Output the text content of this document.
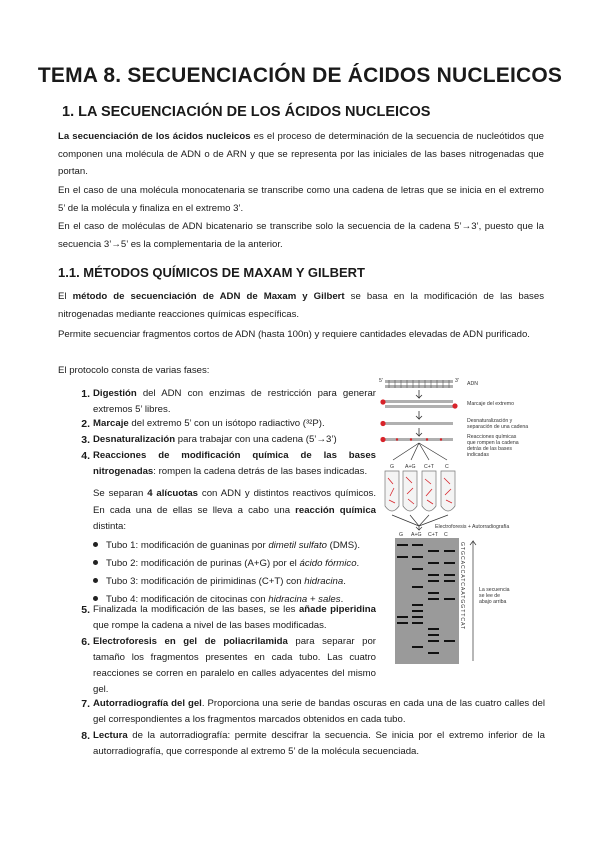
TEMA 8. SECUENCIACIÓN DE ÁCIDOS NUCLEICOS
1. LA SECUENCIACIÓN DE LOS ÁCIDOS NUCLEICOS
La secuenciación de los ácidos nucleicos es el proceso de determinación de la secuencia de nucleótidos que componen una molécula de ADN o de ARN y que se representa por las iniciales de las bases nitrogenadas que portan.
En el caso de una molécula monocatenaria se transcribe como una cadena de letras que se inicia en el extremo 5’ de la molécula y finaliza en el extremo 3’.
En el caso de moléculas de ADN bicatenario se transcribe solo la secuencia de la cadena 5’→3’, puesto que la secuencia 3’→5’ es la complementaria de la anterior.
1.1. MÉTODOS QUÍMICOS DE MAXAM Y GILBERT
El método de secuenciación de ADN de Maxam y Gilbert se basa en la modificación de las bases nitrogenadas mediante reacciones químicas específicas.
Permite secuenciar fragmentos cortos de ADN (hasta 100n) y requiere cantidades elevadas de ADN purificado.
El protocolo consta de varias fases:
1. Digestión del ADN con enzimas de restricción para generar extremos 5’ libres.
2. Marcaje del extremo 5’ con un isótopo radiactivo (³²P).
3. Desnaturalización para trabajar con una cadena (5’→3’)
4. Reacciones de modificación química de las bases nitrogenadas: rompen la cadena detrás de las bases indicadas.
Se separan 4 alícuotas con ADN y distintos reactivos químicos. En cada una de ellas se lleva a cabo una reacción química distinta:
Tubo 1: modificación de guaninas por dimetil sulfato (DMS).
Tubo 2: modificación de purinas (A+G) por el ácido fórmico.
Tubo 3: modificación de pirimidinas (C+T) con hidracina.
Tubo 4: modificación de citocinas con hidracina + sales.
5. Finalizada la modificación de las bases, se les añade piperidina que rompe la cadena a nivel de las bases modificadas.
6. Electroforesis en gel de poliacrilamida para separar por tamaño los fragmentos presentes en cada tubo. Las cuatro reacciones se corren en paralelo en calles adyacentes del mismo gel.
7. Autorradiografía del gel. Proporciona una serie de bandas oscuras en cada una de las cuatro calles del gel correspondientes a los fragmentos marcados obtenidos en cada tubo.
8. Lectura de la autorradiografía: permite descifrar la secuencia. Se inicia por el extremo inferior de la autorradiografía, que corresponde al extremo 5’ de la molécula secuenciada.
5'	3' ADN
Marcaje del extremo
Desnaturalización y
separación de una cadena
Reacciones químicas
que rompen la cadena
detrás de las bases
indicadas
G A+G C+T C
Electroforesis + Autorradiografía
G A+G C+T C
GTGCACCATCAATGGTTCAT	La secuencia
se lee de
abajo arriba
